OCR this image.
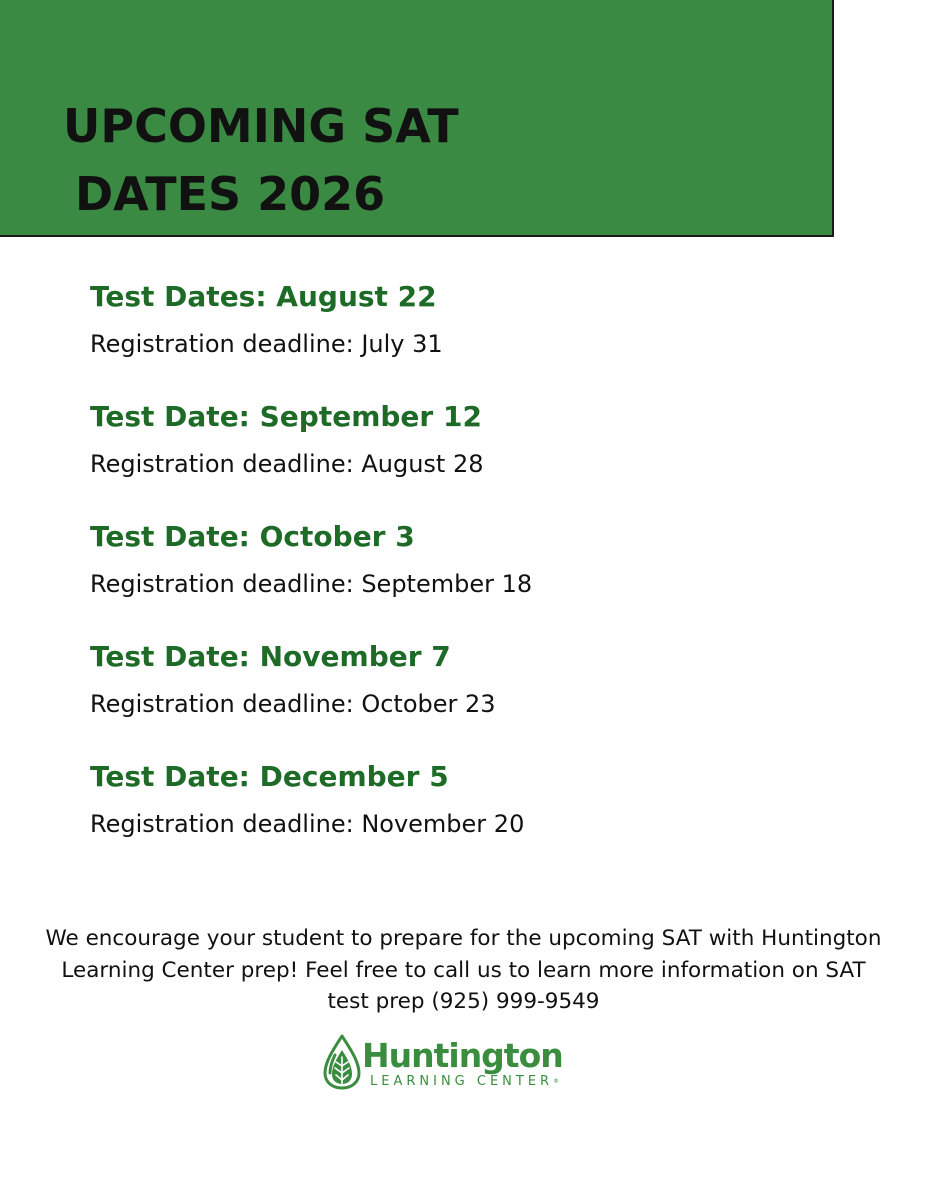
UPCOMING SAT
DATES 2026

Test Dates: August 22

Registration deadline: July 31

Test Date: September 12

Registration deadline: August 28

Test Date: October 3

Registration deadline: September 18

Test Date: November 7

Registration deadline: October 23

Test Date: December 5

Registration deadline: November 20

We encourage your student to prepare for the upcoming SAT with Huntington Learning Center prep! Feel free to call us to learn more information on SAT test prep (925) 999-9549

Huntington
LEARNING CENTER®
